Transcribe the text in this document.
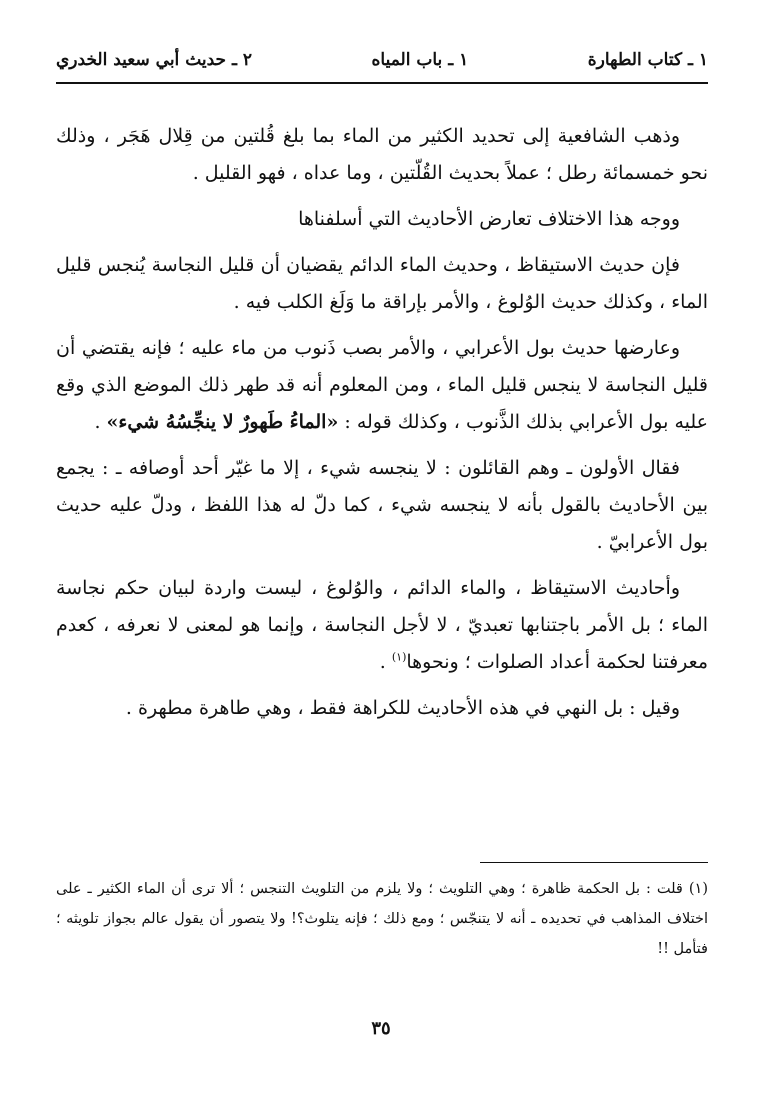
١ ـ كتاب الطهارة
١ ـ باب المياه
٢ ـ حديث أبي سعيد الخدري

وذهب الشافعية إلى تحديد الكثير من الماء بما بلغ قُلتين من قِلال هَجَر ، وذلك نحو خمسمائة رطل ؛ عملاً بحديث القُلّتين ، وما عداه ، فهو القليل .

ووجه هذا الاختلاف تعارض الأحاديث التي أسلفناها

فإن حديث الاستيقاظ ، وحديث الماء الدائم يقضيان أن قليل النجاسة يُنجس قليل الماء ، وكذلك حديث الوُلوغ ، والأمر بإراقة ما وَلَغ الكلب فيه .

وعارضها حديث بول الأعرابي ، والأمر بصب ذَنوب من ماء عليه ؛ فإنه يقتضي أن قليل النجاسة لا ينجس قليل الماء ، ومن المعلوم أنه قد طهر ذلك الموضع الذي وقع عليه بول الأعرابي بذلك الذَّنوب ، وكذلك قوله : «الماءُ طَهورٌ لا ينجِّسُهُ شيء» .

فقال الأولون ـ وهم القائلون : لا ينجسه شيء ، إلا ما غيّر أحد أوصافه ـ : يجمع بين الأحاديث بالقول بأنه لا ينجسه شيء ، كما دلّ له هذا اللفظ ، ودلّ عليه حديث بول الأعرابيّ .

وأحاديث الاستيقاظ ، والماء الدائم ، والوُلوغ ، ليست واردة لبيان حكم نجاسة الماء ؛ بل الأمر باجتنابها تعبديّ ، لا لأجل النجاسة ، وإنما هو لمعنى لا نعرفه ، كعدم معرفتنا لحكمة أعداد الصلوات ؛ ونحوها$^{(١)}$ .

وقيل : بل النهي في هذه الأحاديث للكراهة فقط ، وهي طاهرة مطهرة .

(١) قلت : بل الحكمة ظاهرة ؛ وهي التلويث ؛ ولا يلزم من التلويث التنجس ؛ ألا ترى أن الماء الكثير ـ على اختلاف المذاهب في تحديده ـ أنه لا يتنجّس ؛ ومع ذلك ؛ فإنه يتلوث؟! ولا يتصور أن يقول عالم بجواز تلويثه ؛ فتأمل !!

٣٥
